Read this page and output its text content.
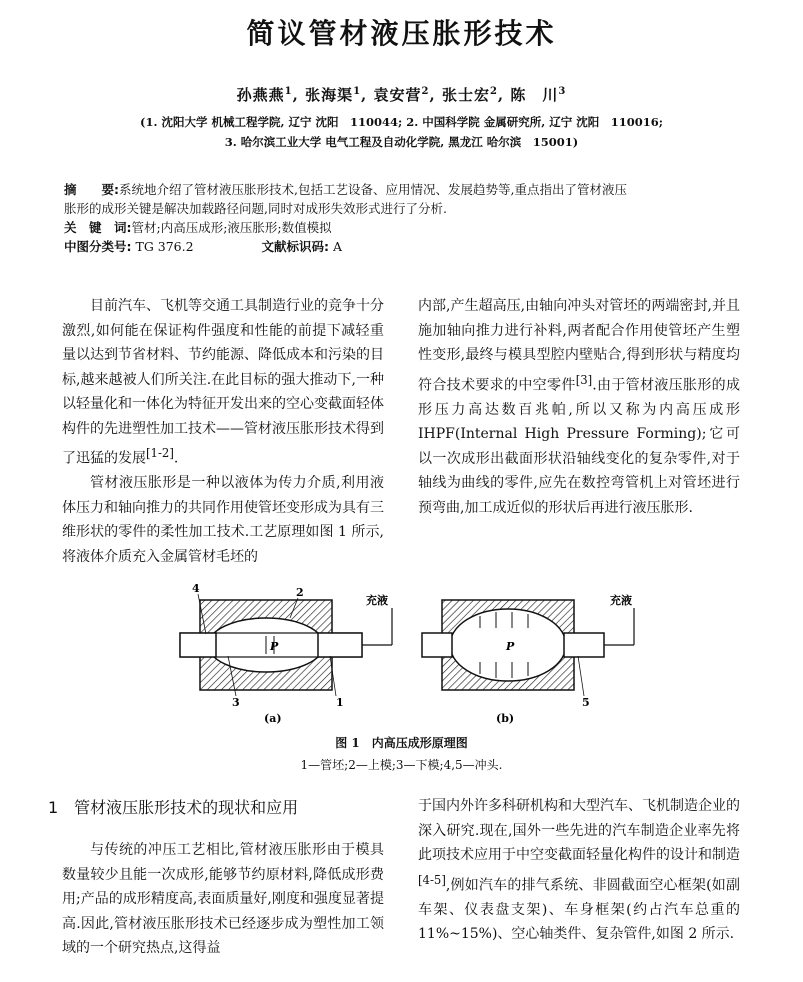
简议管材液压胀形技术
孙燕燕$^1$, 张海渠$^1$, 袁安营$^2$, 张士宏$^2$, 陈　川$^3$
(1. 沈阳大学 机械工程学院, 辽宁 沈阳　110044; 2. 中国科学院 金属研究所, 辽宁 沈阳　110016;
3. 哈尔滨工业大学 电气工程及自动化学院, 黑龙江 哈尔滨　15001)
摘　　要:系统地介绍了管材液压胀形技术,包括工艺设备、应用情况、发展趋势等,重点指出了管材液压
胀形的成形关键是解决加载路径问题,同时对成形失效形式进行了分析.
关　键　词:管材;内高压成形;液压胀形;数值模拟
中图分类号: TG 376.2	文献标识码: A

目前汽车、飞机等交通工具制造行业的竞争十分激烈,如何能在保证构件强度和性能的前提下减轻重量以达到节省材料、节约能源、降低成本和污染的目标,越来越被人们所关注.在此目标的强大推动下,一种以轻量化和一体化为特征开发出来的空心变截面轻体构件的先进塑性加工技术——管材液压胀形技术得到了迅猛的发展[1-2].

管材液压胀形是一种以液体为传力介质,利用液体压力和轴向推力的共同作用使管坯变形成为具有三维形状的零件的柔性加工技术.工艺原理如图 1 所示,将液体介质充入金属管材毛坯的

内部,产生超高压,由轴向冲头对管坯的两端密封,并且施加轴向推力进行补料,两者配合作用使管坯产生塑性变形,最终与模具型腔内壁贴合,得到形状与精度均符合技术要求的中空零件[3].由于管材液压胀形的成形压力高达数百兆帕,所以又称为内高压成形 IHPF(Internal High Pressure Forming);它可以一次成形出截面形状沿轴线变化的复杂零件,对于轴线为曲线的零件,应先在数控弯管机上对管坯进行预弯曲,加工成近似的形状后再进行液压胀形.

P
充液
4	2
3	1
(a)
P
充液
5
(b)
图 1　内高压成形原理图
1—管坯;2—上模;3—下模;4,5—冲头.
1　管材液压胀形技术的现状和应用

与传统的冲压工艺相比,管材液压胀形由于模具数量较少且能一次成形,能够节约原材料,降低成形费用;产品的成形精度高,表面质量好,刚度和强度显著提高.因此,管材液压胀形技术已经逐步成为塑性加工领域的一个研究热点,这得益

于国内外许多科研机构和大型汽车、飞机制造企业的深入研究.现在,国外一些先进的汽车制造企业率先将此项技术应用于中空变截面轻量化构件的设计和制造[4-5],例如汽车的排气系统、非圆截面空心框架(如副车架、仪表盘支架)、车身框架(约占汽车总重的 11%~15%)、空心轴类件、复杂管件,如图 2 所示.
